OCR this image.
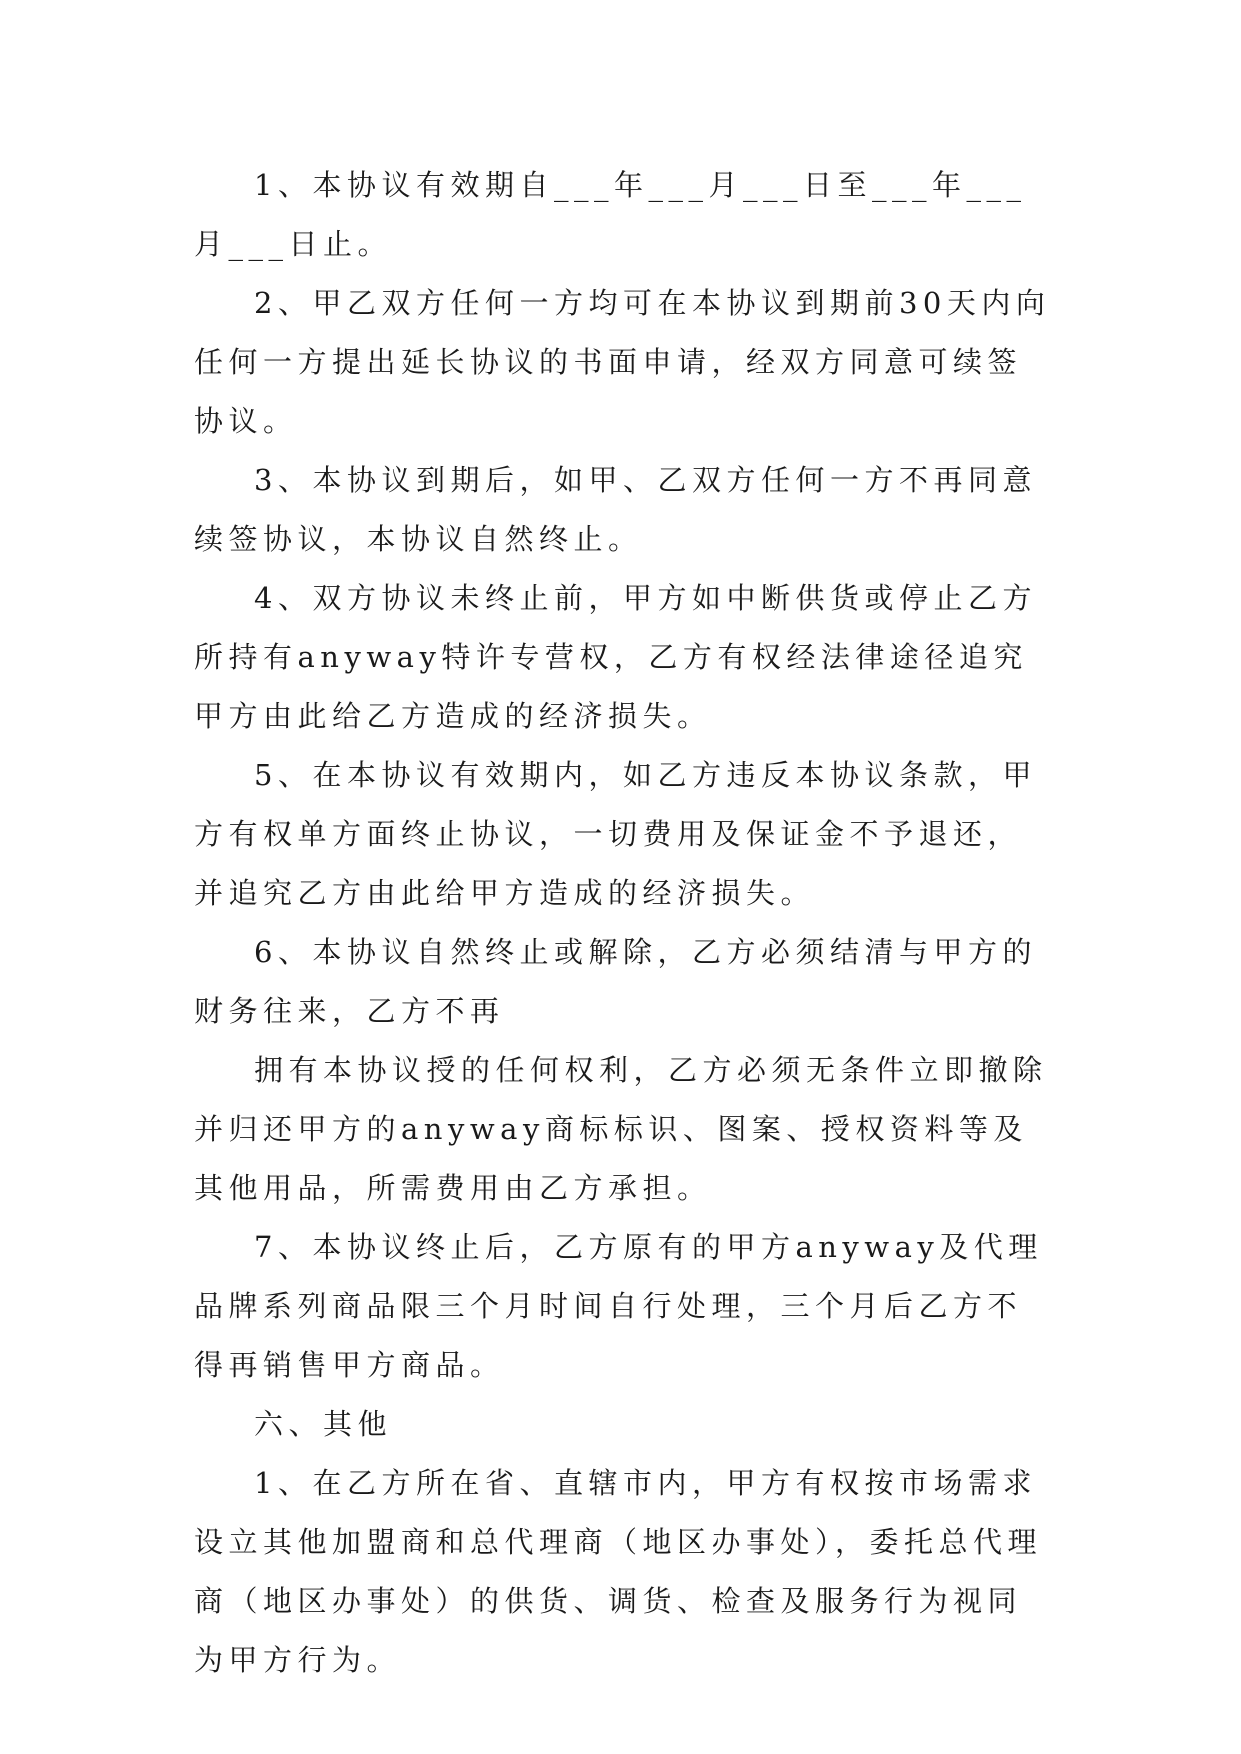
1、本协议有效期自___年___月___日至___年___月___日止。

2、甲乙双方任何一方均可在本协议到期前30天内向任何一方提出延长协议的书面申请，经双方同意可续签协议。

3、本协议到期后，如甲、乙双方任何一方不再同意续签协议，本协议自然终止。

4、双方协议未终止前，甲方如中断供货或停止乙方所持有anyway特许专营权，乙方有权经法律途径追究甲方由此给乙方造成的经济损失。

5、在本协议有效期内，如乙方违反本协议条款，甲方有权单方面终止协议，一切费用及保证金不予退还，并追究乙方由此给甲方造成的经济损失。

6、本协议自然终止或解除，乙方必须结清与甲方的财务往来，乙方不再

拥有本协议授的任何权利，乙方必须无条件立即撤除并归还甲方的anyway商标标识、图案、授权资料等及其他用品，所需费用由乙方承担。

7、本协议终止后，乙方原有的甲方anyway及代理品牌系列商品限三个月时间自行处理，三个月后乙方不得再销售甲方商品。

六、其他

1、在乙方所在省、直辖市内，甲方有权按市场需求设立其他加盟商和总代理商（地区办事处），委托总代理商（地区办事处）的供货、调货、检查及服务行为视同为甲方行为。
